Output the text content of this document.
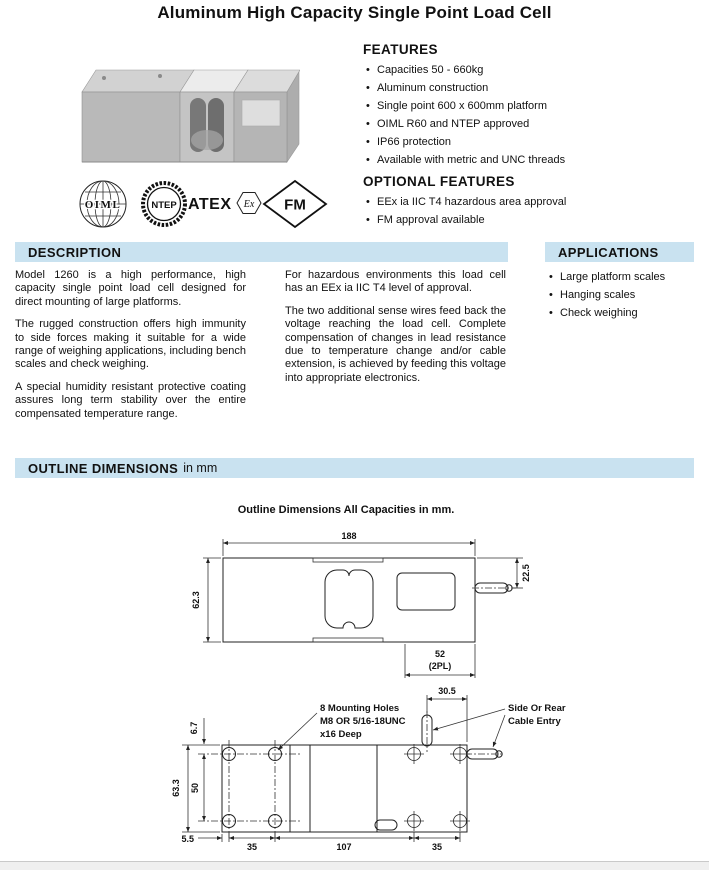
Aluminum High Capacity Single Point Load Cell
OIML	NTEP ATEX Ex FM
FEATURES
• Capacities 50 - 660kg
• Aluminum construction
• Single point 600 x 600mm platform
• OIML R60 and NTEP approved
• IP66 protection
• Available with metric and UNC threads
OPTIONAL FEATURES
• EEx ia IIC T4 hazardous area approval
• FM approval available
DESCRIPTION	APPLICATIONS

Model 1260 is a high performance, high capacity single point load cell designed for direct mounting of large platforms.

The rugged construction offers high immunity to side forces making it suitable for a wide range of weighing applications, including bench scales and check weighing.

A special humidity resistant protective coating assures long term stability over the entire compensated temperature range.

For hazardous environments this load cell has an EEx ia IIC T4 level of approval.

The two additional sense wires feed back the voltage reaching the load cell. Complete compensation of changes in lead resistance due to temperature change and/or cable extension, is achieved by feeding this voltage into appropriate electronics.

• Large platform scales
• Hanging scales
• Check weighing
OUTLINE DIMENSIONS in mm
Outline Dimensions All Capacities in mm.
188
62.3
22.5
52
(2PL)
30.5
6.7
63.3 50
5.5
35	107	35
8 Mounting Holes
M8 OR 5/16-18UNC
x16 Deep
Side Or Rear
Cable Entry
